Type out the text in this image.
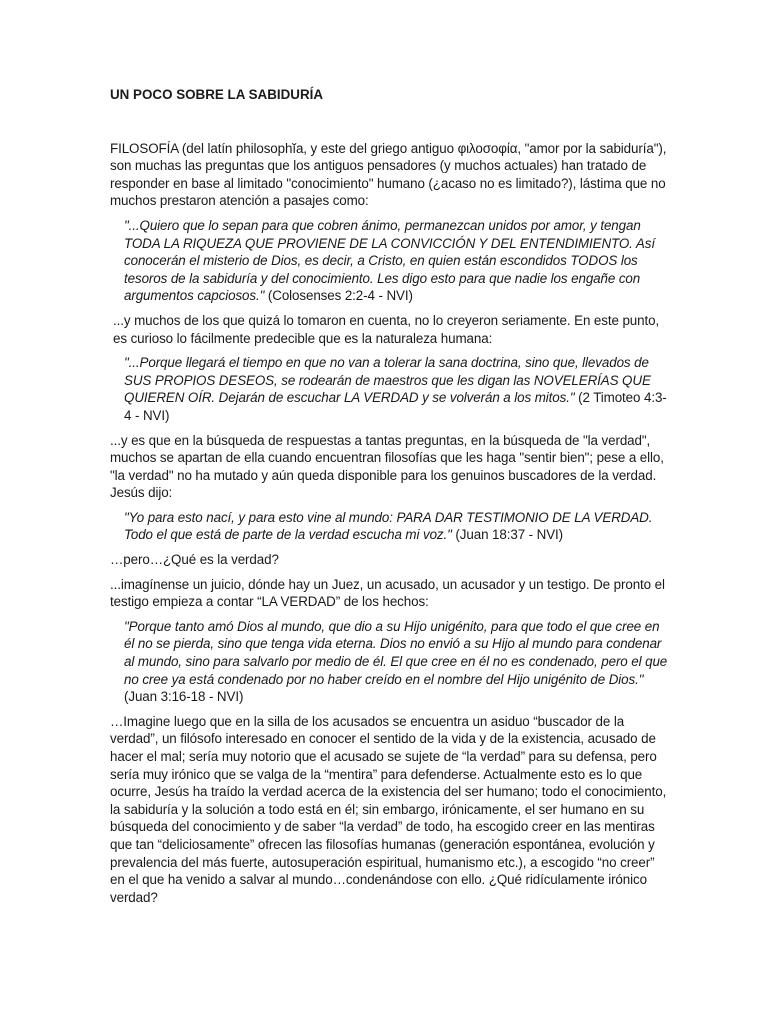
UN POCO SOBRE LA SABIDURÍA

FILOSOFÍA (del latín philosophĭa, y este del griego antiguo φιλοσοφία, "amor por la sabiduría"), son muchas las preguntas que los antiguos pensadores (y muchos actuales) han tratado de responder en base al limitado "conocimiento" humano (¿acaso no es limitado?), lástima que no muchos prestaron atención a pasajes como:

"...Quiero que lo sepan para que cobren ánimo, permanezcan unidos por amor, y tengan TODA LA RIQUEZA QUE PROVIENE DE LA CONVICCIÓN Y DEL ENTENDIMIENTO. Así conocerán el misterio de Dios, es decir, a Cristo, en quien están escondidos TODOS los tesoros de la sabiduría y del conocimiento. Les digo esto para que nadie los engañe con argumentos capciosos." (Colosenses 2:2-4 - NVI)

...y muchos de los que quizá lo tomaron en cuenta, no lo creyeron seriamente. En este punto, es curioso lo fácilmente predecible que es la naturaleza humana:

"...Porque llegará el tiempo en que no van a tolerar la sana doctrina, sino que, llevados de SUS PROPIOS DESEOS, se rodearán de maestros que les digan las NOVELERÍAS QUE QUIEREN OÍR. Dejarán de escuchar LA VERDAD y se volverán a los mitos." (2 Timoteo 4:3-4 - NVI)

...y es que en la búsqueda de respuestas a tantas preguntas, en la búsqueda de "la verdad", muchos se apartan de ella cuando encuentran filosofías que les haga "sentir bien"; pese a ello, "la verdad" no ha mutado y aún queda disponible para los genuinos buscadores de la verdad. Jesús dijo:

"Yo para esto nací, y para esto vine al mundo: PARA DAR TESTIMONIO DE LA VERDAD. Todo el que está de parte de la verdad escucha mi voz." (Juan 18:37 - NVI)

…pero…¿Qué es la verdad?

...imagínense un juicio, dónde hay un Juez, un acusado, un acusador y un testigo. De pronto el testigo empieza a contar “LA VERDAD” de los hechos:

"Porque tanto amó Dios al mundo, que dio a su Hijo unigénito, para que todo el que cree en él no se pierda, sino que tenga vida eterna. Dios no envió a su Hijo al mundo para condenar al mundo, sino para salvarlo por medio de él. El que cree en él no es condenado, pero el que no cree ya está condenado por no haber creído en el nombre del Hijo unigénito de Dios." (Juan 3:16-18 - NVI)

…Imagine luego que en la silla de los acusados se encuentra un asiduo “buscador de la verdad”, un filósofo interesado en conocer el sentido de la vida y de la existencia, acusado de hacer el mal; sería muy notorio que el acusado se sujete de “la verdad” para su defensa, pero sería muy irónico que se valga de la “mentira” para defenderse. Actualmente esto es lo que ocurre, Jesús ha traído la verdad acerca de la existencia del ser humano; todo el conocimiento, la sabiduría y la solución a todo está en él; sin embargo, irónicamente, el ser humano en su búsqueda del conocimiento y de saber “la verdad” de todo, ha escogido creer en las mentiras que tan “deliciosamente” ofrecen las filosofías humanas (generación espontánea, evolución y prevalencia del más fuerte, autosuperación espiritual, humanismo etc.), a escogido “no creer” en el que ha venido a salvar al mundo…condenándose con ello. ¿Qué ridículamente irónico verdad?
